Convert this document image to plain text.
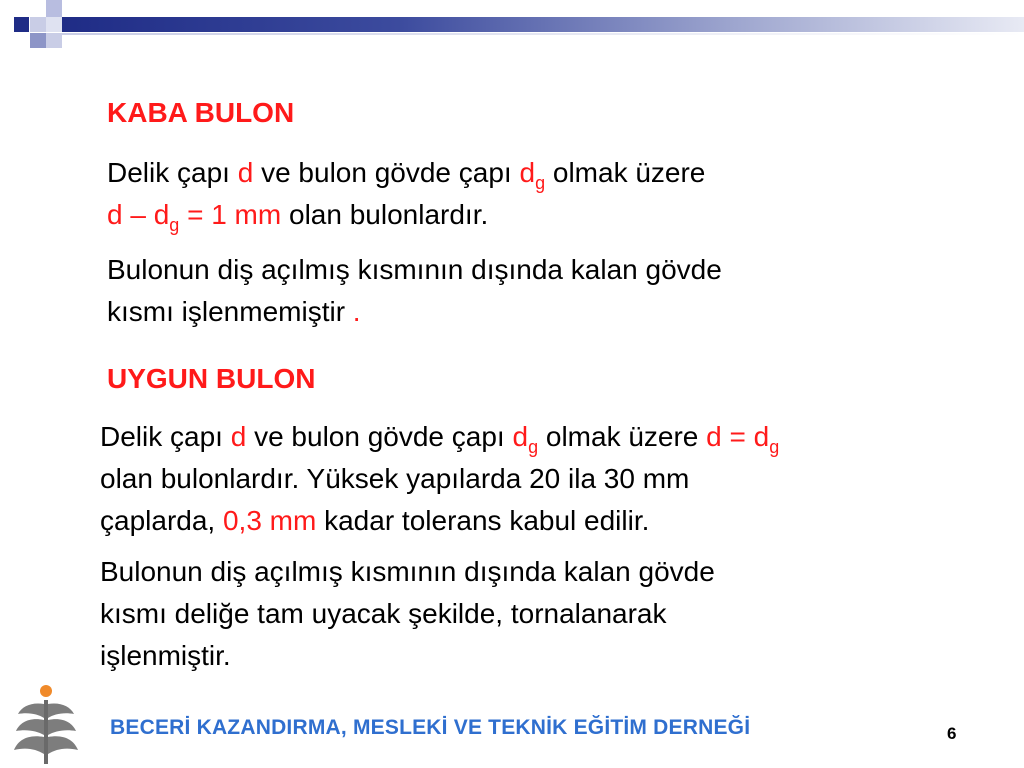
KABA BULON

Delik çapı d ve bulon gövde çapı $d_g$ olmak üzere
$d - d_g = 1$ mm olan bulonlardır.

Bulonun diş açılmış kısmının dışında kalan gövde
kısmı işlenmemiştir .

UYGUN BULON

Delik çapı d ve bulon gövde çapı $d_g$ olmak üzere $d = d_g$
olan bulonlardır. Yüksek yapılarda 20 ila 30 mm
çaplarda, 0,3 mm kadar tolerans kabul edilir.

Bulonun diş açılmış kısmının dışında kalan gövde
kısmı deliğe tam uyacak şekilde, tornalanarak
işlenmiştir.

BECERİ KAZANDIRMA, MESLEKİ VE TEKNİK EĞİTİM DERNEĞİ	6
